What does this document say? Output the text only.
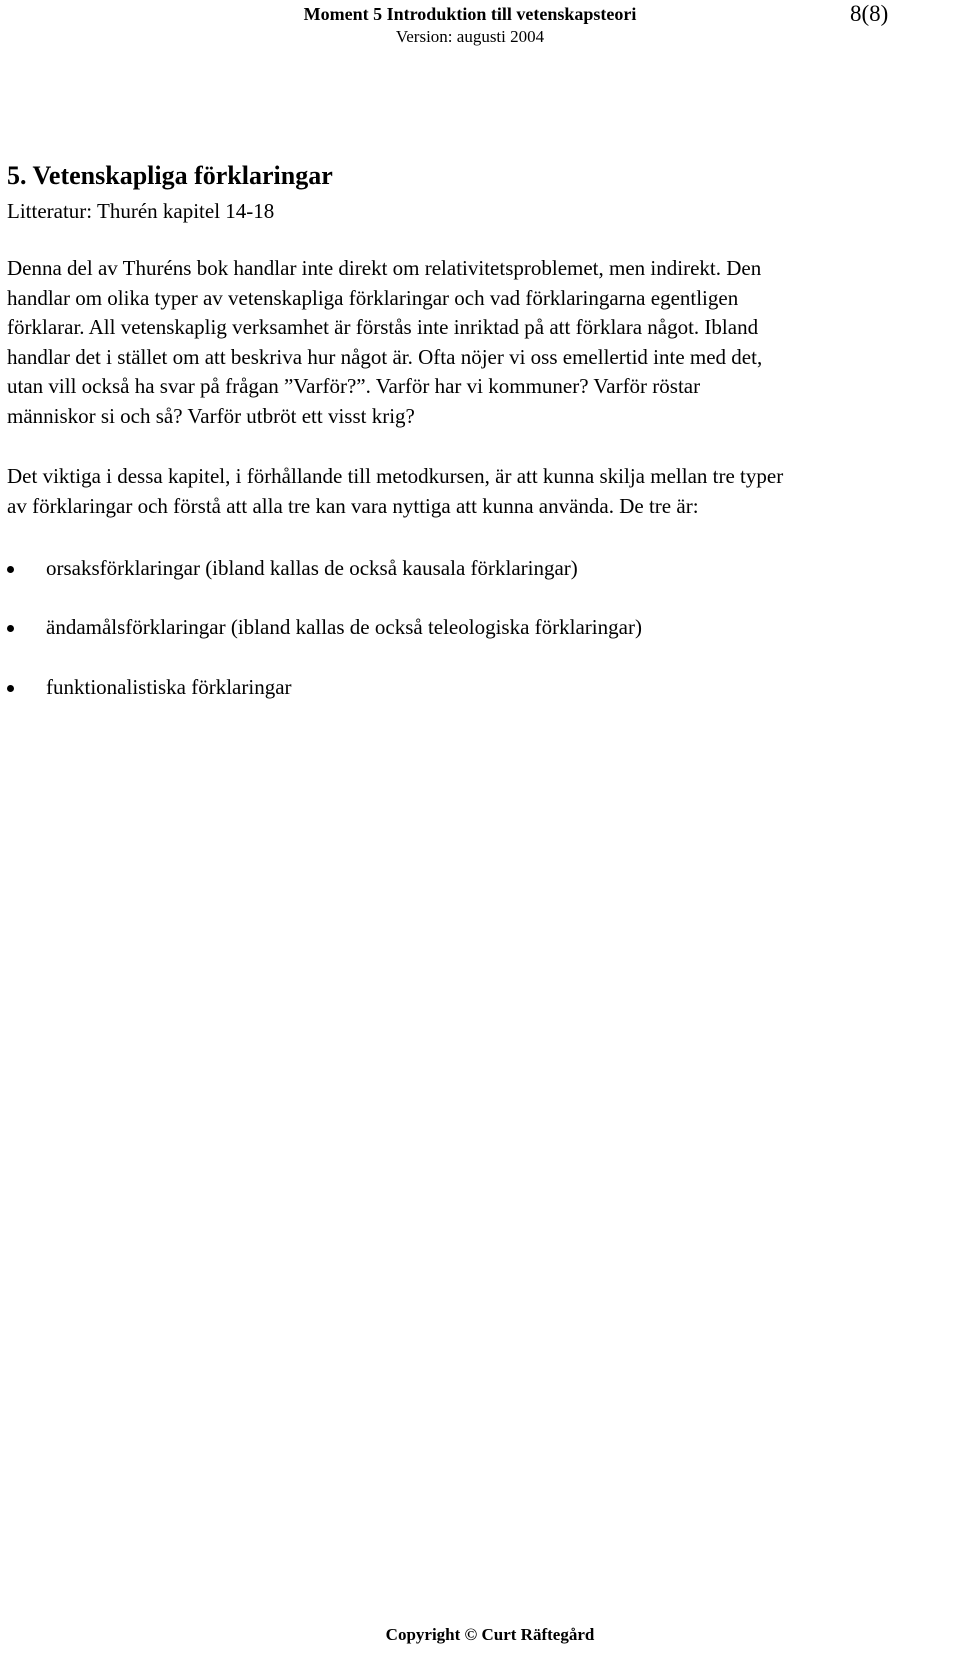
Moment 5 Introduktion till vetenskapsteori
Version: augusti 2004
8(8)
5. Vetenskapliga förklaringar
Litteratur: Thurén kapitel 14-18
Denna del av Thuréns bok handlar inte direkt om relativitetsproblemet, men indirekt. Den
handlar om olika typer av vetenskapliga förklaringar och vad förklaringarna egentligen
förklarar. All vetenskaplig verksamhet är förstås inte inriktad på att förklara något. Ibland
handlar det i stället om att beskriva hur något är. Ofta nöjer vi oss emellertid inte med det,
utan vill också ha svar på frågan ”Varför?”. Varför har vi kommuner? Varför röstar
människor si och så? Varför utbröt ett visst krig?
Det viktiga i dessa kapitel, i förhållande till metodkursen, är att kunna skilja mellan tre typer
av förklaringar och förstå att alla tre kan vara nyttiga att kunna använda. De tre är:
orsaksförklaringar (ibland kallas de också kausala förklaringar)
ändamålsförklaringar (ibland kallas de också teleologiska förklaringar)
funktionalistiska förklaringar
Copyright © Curt Räftegård
